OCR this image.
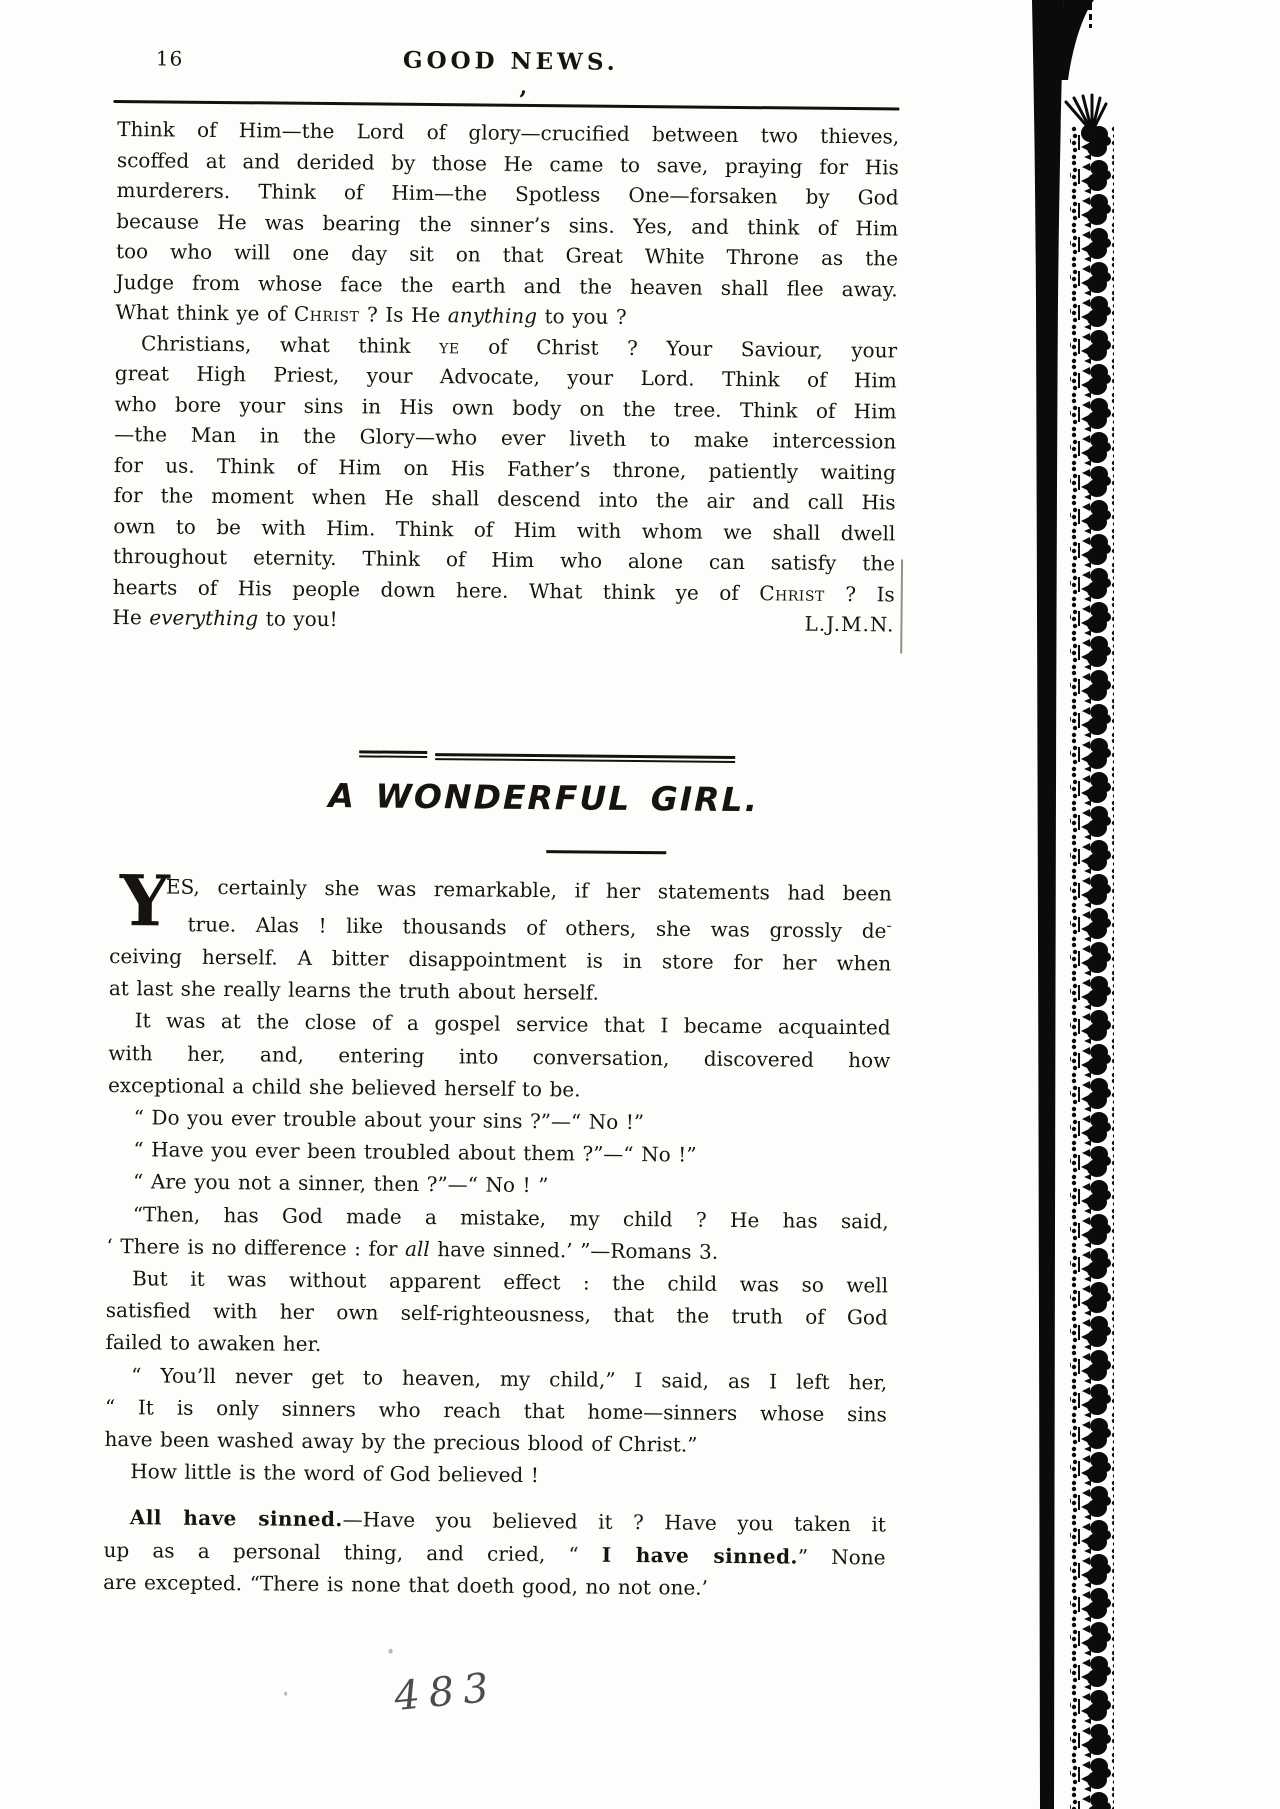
16	GOOD NEWS.
,
Think of Him—the Lord of glory—crucified between two thieves,
scoffed at and derided by those He came to save, praying for His
murderers. Think of Him—the Spotless One—forsaken by God
because He was bearing the sinner’s sins. Yes, and think of Him
too who will one day sit on that Great White Throne as the
Judge from whose face the earth and the heaven shall flee away.
What think ye of Christ ? Is He anything to you ?
Christians, what think ye of Christ ? Your Saviour, your
great High Priest, your Advocate, your Lord. Think of Him
who bore your sins in His own body on the tree. Think of Him
—the Man in the Glory—who ever liveth to make intercession
for us. Think of Him on His Father’s throne, patiently waiting
for the moment when He shall descend into the air and call His
own to be with Him. Think of Him with whom we shall dwell
throughout eternity. Think of Him who alone can satisfy the
hearts of His people down here. What think ye of Christ ? Is
L.J.M.N.
He everything to you!
A WONDERFUL GIRL.
Y
ES, certainly she was remarkable, if her statements had been
true. Alas ! like thousands of others, she was grossly de-
ceiving herself. A bitter disappointment is in store for her when
at last she really learns the truth about herself.
It was at the close of a gospel service that I became acquainted
with her, and, entering into conversation, discovered how
exceptional a child she believed herself to be.
“ Do you ever trouble about your sins ?”—“ No !”
“ Have you ever been troubled about them ?”—“ No !”
“ Are you not a sinner, then ?”—“ No ! ”
“Then, has God made a mistake, my child ? He has said,
‘ There is no difference : for all have sinned.’ ”—Romans 3.
But it was without apparent effect : the child was so well
satisfied with her own self-righteousness, that the truth of God
failed to awaken her.
“ You’ll never get to heaven, my child,” I said, as I left her,
“ It is only sinners who reach that home—sinners whose sins
have been washed away by the precious blood of Christ.”
How little is the word of God believed !
All have sinned.—Have you believed it ? Have you taken it
up as a personal thing, and cried, “ I have sinned.” None
are excepted. “There is none that doeth good, no not one.’
483
